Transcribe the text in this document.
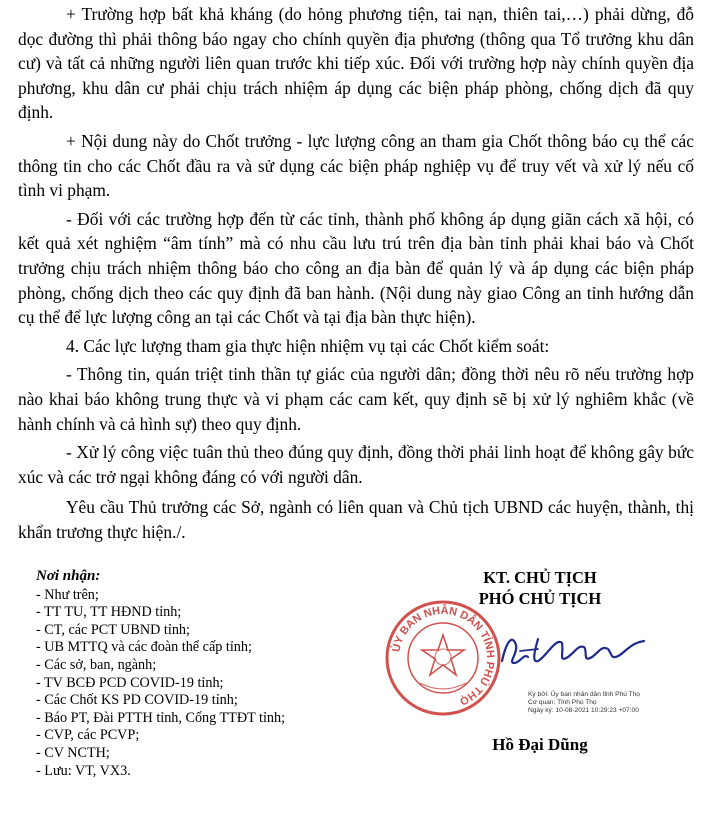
+ Trường hợp bất khả kháng (do hỏng phương tiện, tai nạn, thiên tai,…) phải dừng, đỗ dọc đường thì phải thông báo ngay cho chính quyền địa phương (thông qua Tổ trưởng khu dân cư) và tất cả những người liên quan trước khi tiếp xúc. Đối với trường hợp này chính quyền địa phương, khu dân cư phải chịu trách nhiệm áp dụng các biện pháp phòng, chống dịch đã quy định.

+ Nội dung này do Chốt trưởng - lực lượng công an tham gia Chốt thông báo cụ thể các thông tin cho các Chốt đầu ra và sử dụng các biện pháp nghiệp vụ để truy vết và xử lý nếu cố tình vi phạm.

- Đối với các trường hợp đến từ các tỉnh, thành phố không áp dụng giãn cách xã hội, có kết quả xét nghiệm “âm tính” mà có nhu cầu lưu trú trên địa bàn tỉnh phải khai báo và Chốt trưởng chịu trách nhiệm thông báo cho công an địa bàn để quản lý và áp dụng các biện pháp phòng, chống dịch theo các quy định đã ban hành. (Nội dung này giao Công an tỉnh hướng dẫn cụ thể để lực lượng công an tại các Chốt và tại địa bàn thực hiện).

4. Các lực lượng tham gia thực hiện nhiệm vụ tại các Chốt kiểm soát:

- Thông tin, quán triệt tinh thần tự giác của người dân; đồng thời nêu rõ nếu trường hợp nào khai báo không trung thực và vi phạm các cam kết, quy định sẽ bị xử lý nghiêm khắc (về hành chính và cả hình sự) theo quy định.

- Xử lý công việc tuân thủ theo đúng quy định, đồng thời phải linh hoạt để không gây bức xúc và các trở ngại không đáng có với người dân.

Yêu cầu Thủ trưởng các Sở, ngành có liên quan và Chủ tịch UBND các huyện, thành, thị khẩn trương thực hiện./.

Nơi nhận:
- Như trên;
- TT TU, TT HĐND tỉnh;
- CT, các PCT UBND tỉnh;
- UB MTTQ và các đoàn thể cấp tỉnh;
- Các sở, ban, ngành;
- TV BCĐ PCD COVID-19 tỉnh;
- Các Chốt KS PD COVID-19 tỉnh;
- Báo PT, Đài PTTH tỉnh, Cổng TTĐT tỉnh;
- CVP, các PCVP;
- CV NCTH;
- Lưu: VT, VX3.
KT. CHỦ TỊCH
PHÓ CHỦ TỊCH
ỦY BAN NHÂN DÂN TỈNH PHÚ THỌ	Ký bởi: Ủy ban nhân dân tỉnh Phú Thọ
Cơ quan: Tỉnh Phú Thọ
Ngày ký: 10-08-2021 10:29:23 +07:00
Hồ Đại Dũng
